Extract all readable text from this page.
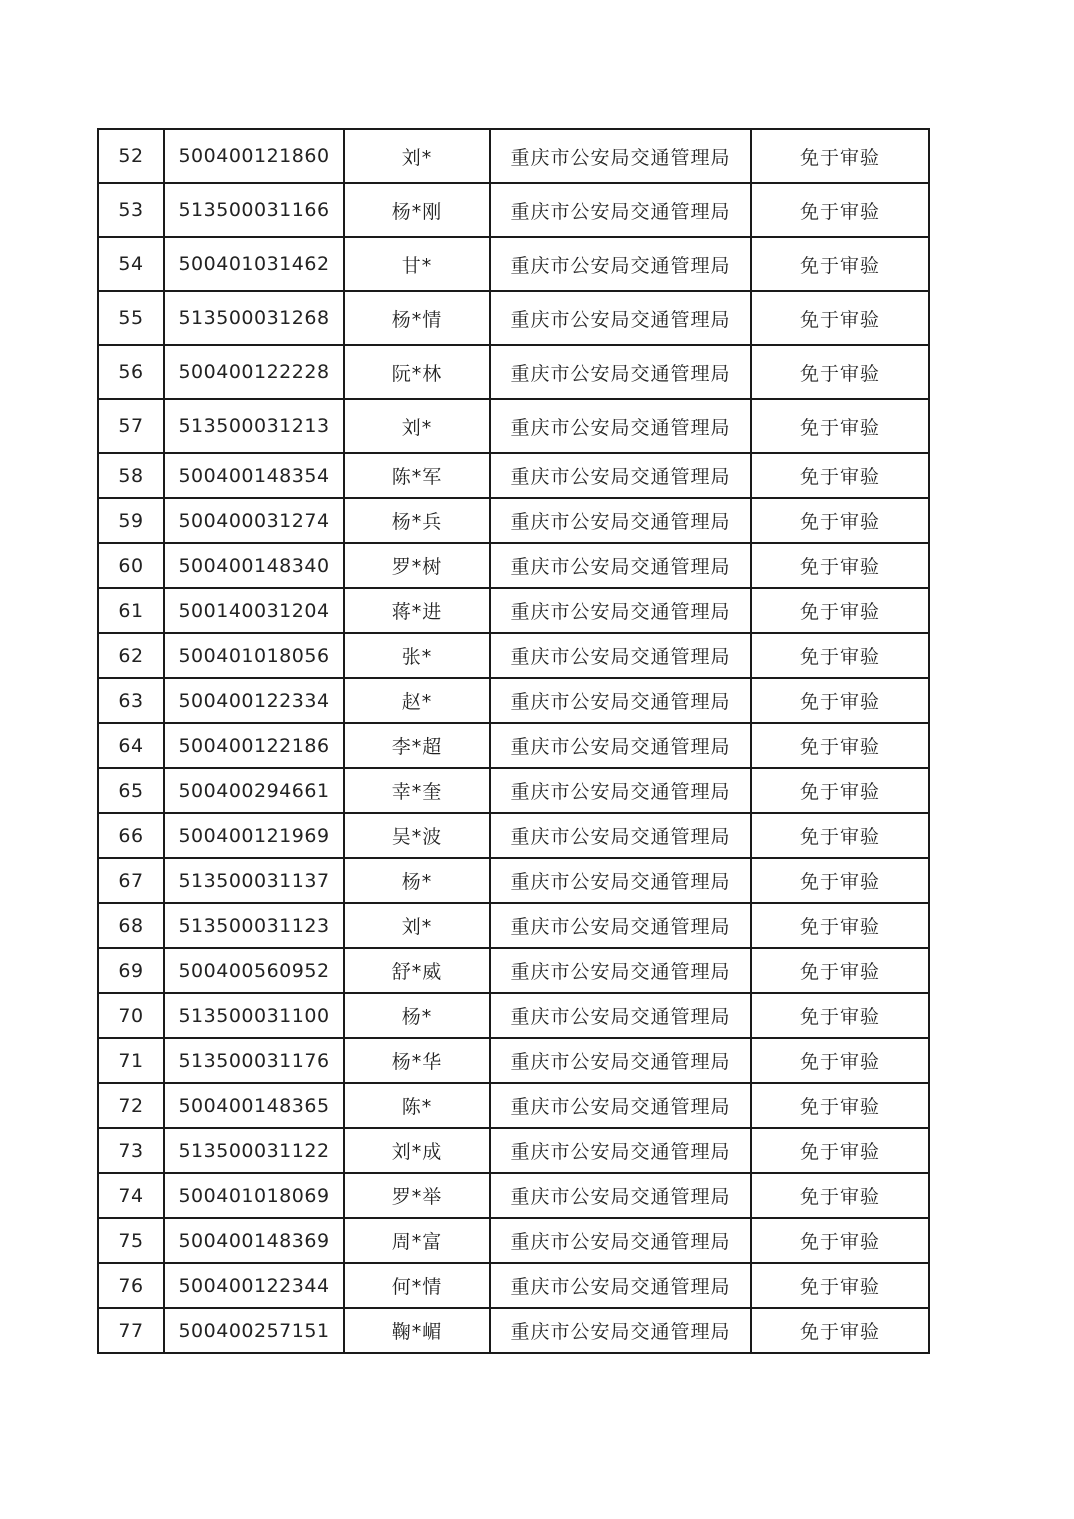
52	500400121860	刘*	重庆市公安局交通管理局	免于审验
53	513500031166	杨*刚	重庆市公安局交通管理局	免于审验
54	500401031462	甘*	重庆市公安局交通管理局	免于审验
55	513500031268	杨*情	重庆市公安局交通管理局	免于审验
56	500400122228	阮*林	重庆市公安局交通管理局	免于审验
57	513500031213	刘*	重庆市公安局交通管理局	免于审验
58	500400148354	陈*军	重庆市公安局交通管理局	免于审验
59	500400031274	杨*兵	重庆市公安局交通管理局	免于审验
60	500400148340	罗*树	重庆市公安局交通管理局	免于审验
61	500140031204	蒋*进	重庆市公安局交通管理局	免于审验
62	500401018056	张*	重庆市公安局交通管理局	免于审验
63	500400122334	赵*	重庆市公安局交通管理局	免于审验
64	500400122186	李*超	重庆市公安局交通管理局	免于审验
65	500400294661	幸*奎	重庆市公安局交通管理局	免于审验
66	500400121969	吴*波	重庆市公安局交通管理局	免于审验
67	513500031137	杨*	重庆市公安局交通管理局	免于审验
68	513500031123	刘*	重庆市公安局交通管理局	免于审验
69	500400560952	舒*威	重庆市公安局交通管理局	免于审验
70	513500031100	杨*	重庆市公安局交通管理局	免于审验
71	513500031176	杨*华	重庆市公安局交通管理局	免于审验
72	500400148365	陈*	重庆市公安局交通管理局	免于审验
73	513500031122	刘*成	重庆市公安局交通管理局	免于审验
74	500401018069	罗*举	重庆市公安局交通管理局	免于审验
75	500400148369	周*富	重庆市公安局交通管理局	免于审验
76	500400122344	何*情	重庆市公安局交通管理局	免于审验
77	500400257151	鞠*嵋	重庆市公安局交通管理局	免于审验
